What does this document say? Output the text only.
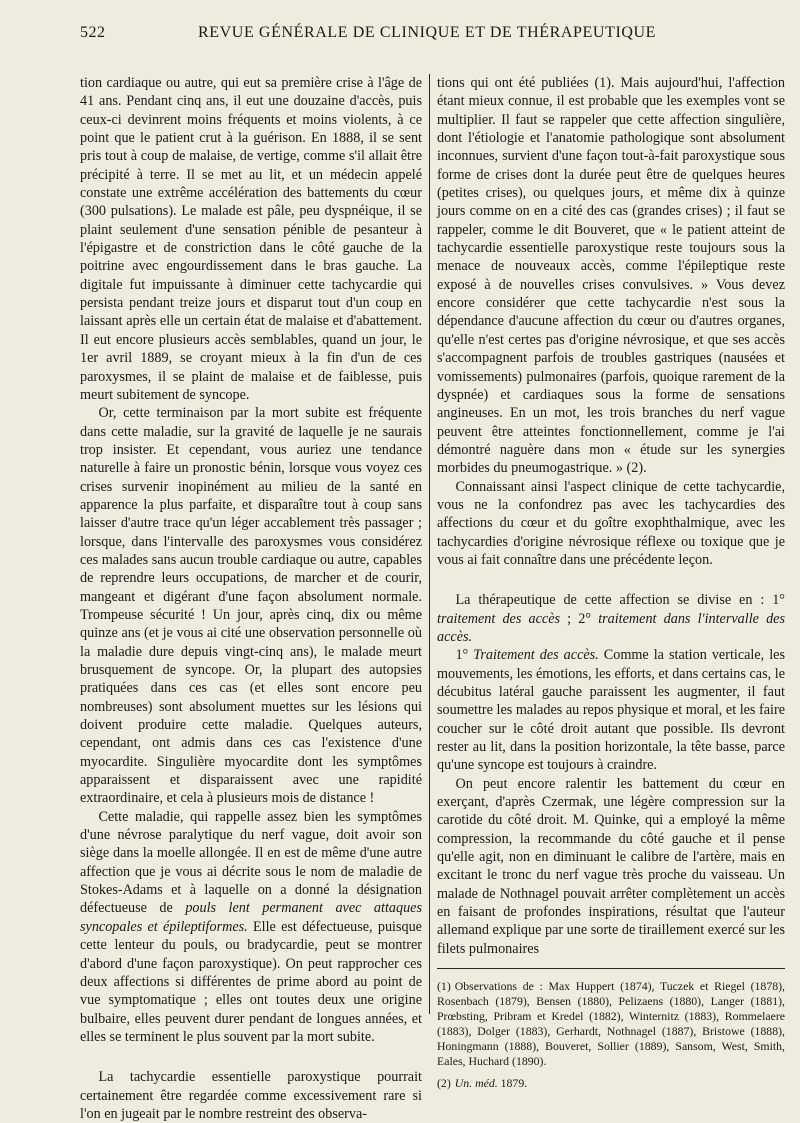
522	REVUE GÉNÉRALE DE CLINIQUE ET DE THÉRAPEUTIQUE

tion cardiaque ou autre, qui eut sa première crise à l'âge de 41 ans. Pendant cinq ans, il eut une douzaine d'accès, puis ceux-ci devinrent moins fréquents et moins violents, à ce point que le patient crut à la guérison. En 1888, il se sent pris tout à coup de malaise, de vertige, comme s'il allait être précipité à terre. Il se met au lit, et un médecin appelé constate une extrême accélération des battements du cœur (300 pulsations). Le malade est pâle, peu dyspnéique, il se plaint seulement d'une sensation pénible de pesanteur à l'épigastre et de constriction dans le côté gauche de la poitrine avec engourdissement dans le bras gauche. La digitale fut impuissante à diminuer cette tachycardie qui persista pendant treize jours et disparut tout d'un coup en laissant après elle un certain état de malaise et d'abattement. Il eut encore plusieurs accès semblables, quand un jour, le 1er avril 1889, se croyant mieux à la fin d'un de ces paroxysmes, il se plaint de malaise et de faiblesse, puis meurt subitement de syncope.

Or, cette terminaison par la mort subite est fréquente dans cette maladie, sur la gravité de laquelle je ne saurais trop insister. Et cependant, vous auriez une tendance naturelle à faire un pronostic bénin, lorsque vous voyez ces crises survenir inopinément au milieu de la santé en apparence la plus parfaite, et disparaître tout à coup sans laisser d'autre trace qu'un léger accablement très passager ; lorsque, dans l'intervalle des paroxysmes vous considérez ces malades sans aucun trouble cardiaque ou autre, capables de reprendre leurs occupations, de marcher et de courir, mangeant et digérant d'une façon absolument normale. Trompeuse sécurité ! Un jour, après cinq, dix ou même quinze ans (et je vous ai cité une observation personnelle où la maladie dure depuis vingt-cinq ans), le malade meurt brusquement de syncope. Or, la plupart des autopsies pratiquées dans ces cas (et elles sont encore peu nombreuses) sont absolument muettes sur les lésions qui doivent produire cette maladie. Quelques auteurs, cependant, ont admis dans ces cas l'existence d'une myocardite. Singulière myocardite dont les symptômes apparaissent et disparaissent avec une rapidité extraordinaire, et cela à plusieurs mois de distance !

Cette maladie, qui rappelle assez bien les symptômes d'une névrose paralytique du nerf vague, doit avoir son siège dans la moelle allongée. Il en est de même d'une autre affection que je vous ai décrite sous le nom de maladie de Stokes-Adams et à laquelle on a donné la désignation défectueuse de pouls lent permanent avec attaques syncopales et épileptiformes. Elle est défectueuse, puisque cette lenteur du pouls, ou bradycardie, peut se montrer d'abord d'une façon paroxystique). On peut rapprocher ces deux affections si différentes de prime abord au point de vue symptomatique ; elles ont toutes deux une origine bulbaire, elles peuvent durer pendant de longues années, et elles se terminent le plus souvent par la mort subite.

La tachycardie essentielle paroxystique pourrait certainement être regardée comme excessivement rare si l'on en jugeait par le nombre restreint des observa-

tions qui ont été publiées (1). Mais aujourd'hui, l'affection étant mieux connue, il est probable que les exemples vont se multiplier. Il faut se rappeler que cette affection singulière, dont l'étiologie et l'anatomie pathologique sont absolument inconnues, survient d'une façon tout-à-fait paroxystique sous forme de crises dont la durée peut être de quelques heures (petites crises), ou quelques jours, et même dix à quinze jours comme on en a cité des cas (grandes crises) ; il faut se rappeler, comme le dit Bouveret, que « le patient atteint de tachycardie essentielle paroxystique reste toujours sous la menace de nouveaux accès, comme l'épileptique reste exposé à de nouvelles crises convulsives. » Vous devez encore considérer que cette tachycardie n'est sous la dépendance d'aucune affection du cœur ou d'autres organes, qu'elle n'est certes pas d'origine névrosique, et que ses accès s'accompagnent parfois de troubles gastriques (nausées et vomissements) pulmonaires (parfois, quoique rarement de la dyspnée) et cardiaques sous la forme de sensations angineuses. En un mot, les trois branches du nerf vague peuvent être atteintes fonctionnellement, comme je l'ai démontré naguère dans mon « étude sur les synergies morbides du pneumogastrique. » (2).

Connaissant ainsi l'aspect clinique de cette tachycardie, vous ne la confondrez pas avec les tachycardies des affections du cœur et du goître exophthalmique, avec les tachycardies d'origine névrosique réflexe ou toxique que je vous ai fait connaître dans une précédente leçon.

La thérapeutique de cette affection se divise en : 1° traitement des accès ; 2° traitement dans l'intervalle des accès.

1° Traitement des accès. Comme la station verticale, les mouvements, les émotions, les efforts, et dans certains cas, le décubitus latéral gauche paraissent les augmenter, il faut soumettre les malades au repos physique et moral, et les faire coucher sur le côté droit autant que possible. Ils devront rester au lit, dans la position horizontale, la tête basse, parce qu'une syncope est toujours à craindre.

On peut encore ralentir les battement du cœur en exerçant, d'après Czermak, une légère compression sur la carotide du côté droit. M. Quinke, qui a employé la même compression, la recommande du côté gauche et il pense qu'elle agit, non en diminuant le calibre de l'artère, mais en excitant le tronc du nerf vague très proche du vaisseau. Un malade de Nothnagel pouvait arrêter complètement un accès en faisant de profondes inspirations, résultat que l'auteur allemand explique par une sorte de tiraillement exercé sur les filets pulmonaires

(1) Observations de : Max Huppert (1874), Tuczek et Riegel (1878), Rosenbach (1879), Bensen (1880), Pelizaens (1880), Langer (1881), Prœbsting, Pribram et Kredel (1882), Winternitz (1883), Rommelaere (1883), Dolger (1883), Gerhardt, Nothnagel (1887), Bristowe (1888), Honingmann (1888), Bouveret, Sollier (1889), Sansom, West, Smith, Eales, Huchard (1890).

(2) Un. méd. 1879.
